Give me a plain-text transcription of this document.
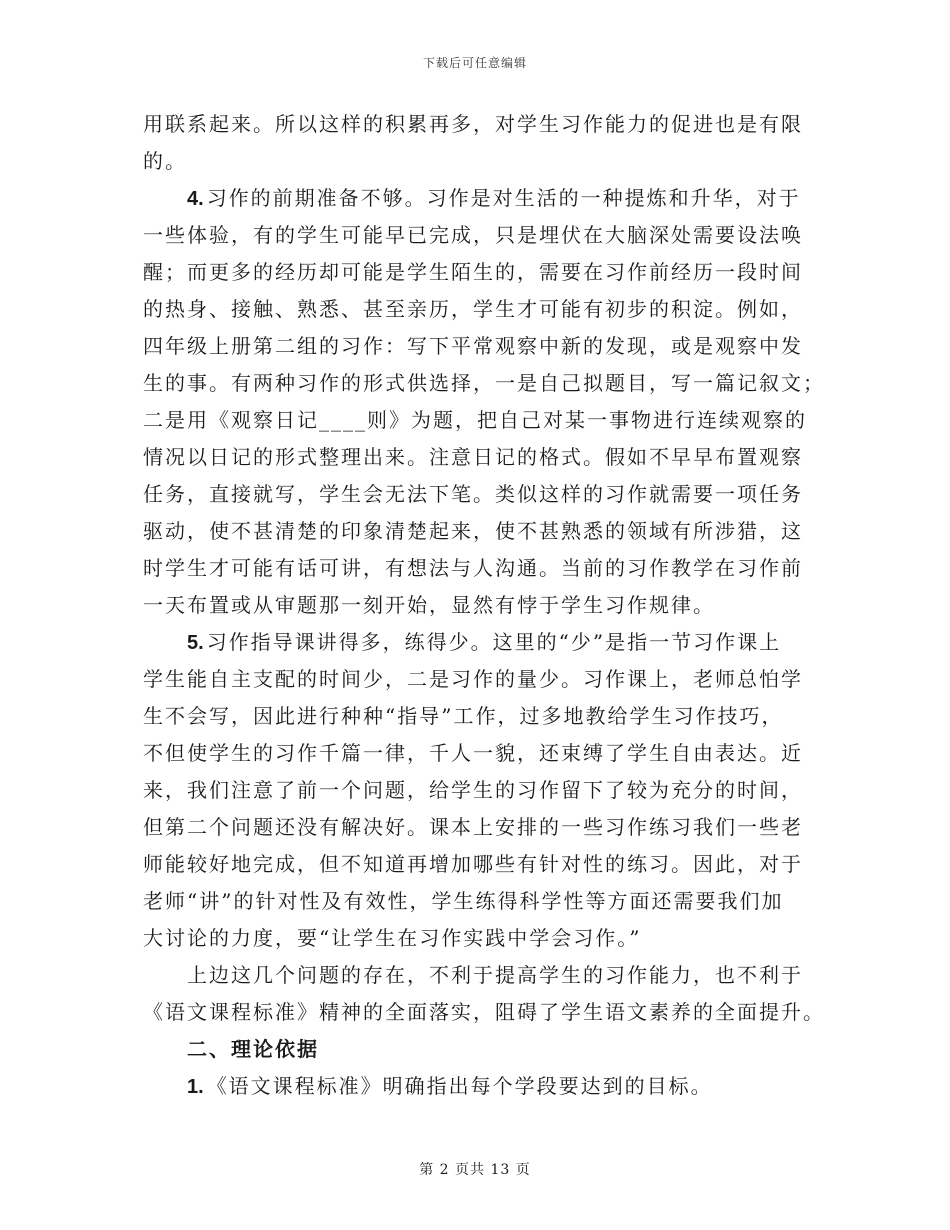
下载后可任意编辑
用联系起来。所以这样的积累再多，对学生习作能力的促进也是有限
的。
4. 习作的前期准备不够。习作是对生活的一种提炼和升华，对于
一些体验，有的学生可能早已完成，只是埋伏在大脑深处需要设法唤
醒；而更多的经历却可能是学生陌生的，需要在习作前经历一段时间
的热身、接触、熟悉、甚至亲历，学生才可能有初步的积淀。例如，
四年级上册第二组的习作：写下平常观察中新的发现，或是观察中发
生的事。有两种习作的形式供选择，一是自己拟题目，写一篇记叙文；
二是用《观察日记____则》为题，把自己对某一事物进行连续观察的
情况以日记的形式整理出来。注意日记的格式。假如不早早布置观察
任务，直接就写，学生会无法下笔。类似这样的习作就需要一项任务
驱动，使不甚清楚的印象清楚起来，使不甚熟悉的领域有所涉猎，这
时学生才可能有话可讲，有想法与人沟通。当前的习作教学在习作前
一天布置或从审题那一刻开始，显然有悖于学生习作规律。
5. 习作指导课讲得多，练得少。这里的“少”是指一节习作课上
学生能自主支配的时间少，二是习作的量少。习作课上，老师总怕学
生不会写，因此进行种种“指导”工作，过多地教给学生习作技巧，
不但使学生的习作千篇一律，千人一貌，还束缚了学生自由表达。近
来，我们注意了前一个问题，给学生的习作留下了较为充分的时间，
但第二个问题还没有解决好。课本上安排的一些习作练习我们一些老
师能较好地完成，但不知道再增加哪些有针对性的练习。因此，对于
老师“讲”的针对性及有效性，学生练得科学性等方面还需要我们加
大讨论的力度，要“让学生在习作实践中学会习作。”
上边这几个问题的存在，不利于提高学生的习作能力，也不利于
《语文课程标准》精神的全面落实，阻碍了学生语文素养的全面提升。
二、理论依据
1. 《语文课程标准》明确指出每个学段要达到的目标。
第 2 页共 13 页
